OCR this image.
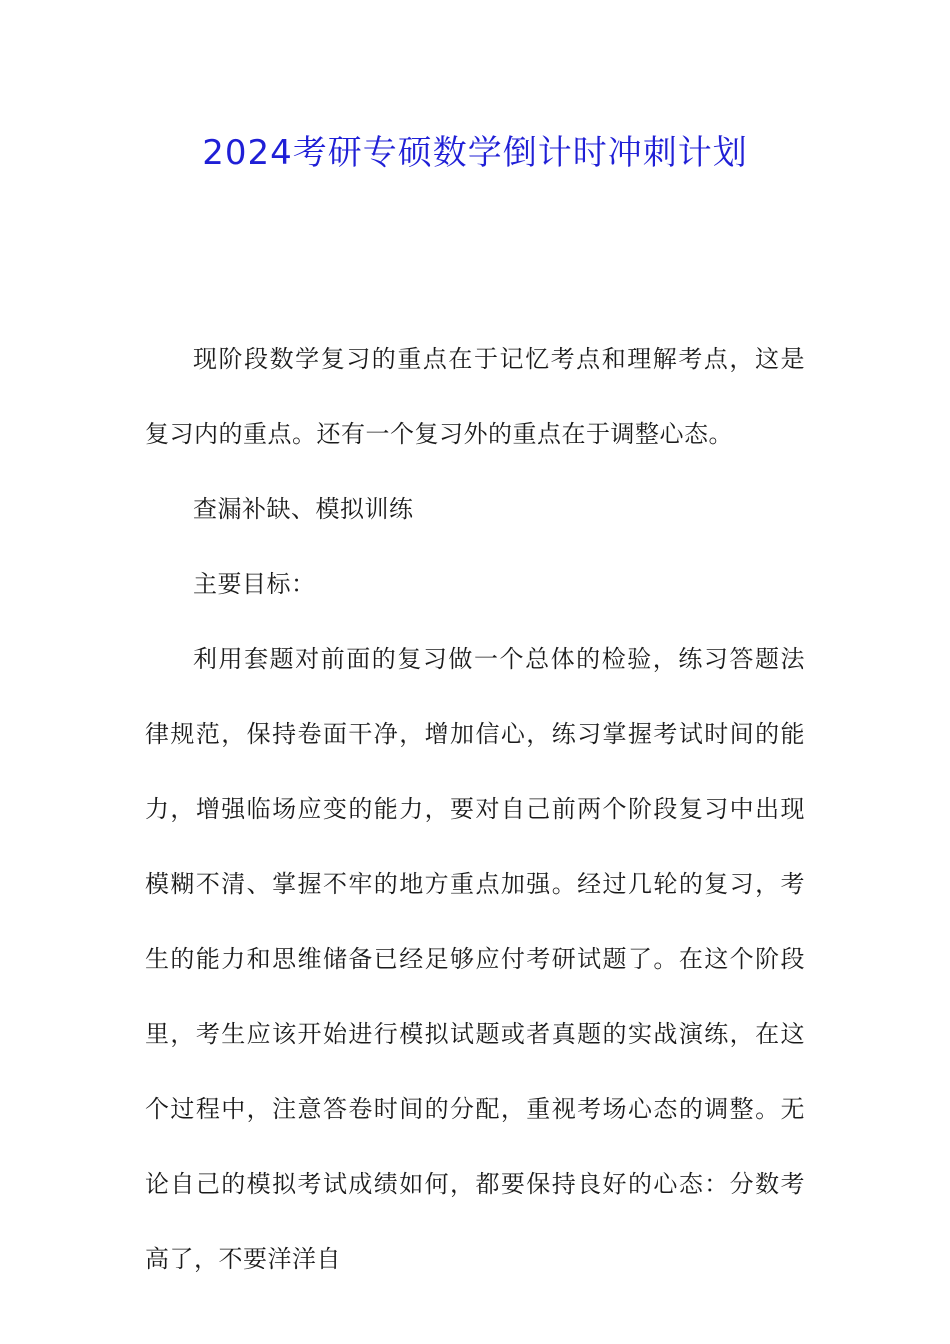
2024考研专硕数学倒计时冲刺计划

现阶段数学复习的重点在于记忆考点和理解考点，这是复习内的重点。还有一个复习外的重点在于调整心态。

查漏补缺、模拟训练

主要目标：

利用套题对前面的复习做一个总体的检验，练习答题法律规范，保持卷面干净，增加信心，练习掌握考试时间的能力，增强临场应变的能力，要对自己前两个阶段复习中出现模糊不清、掌握不牢的地方重点加强。经过几轮的复习，考生的能力和思维储备已经足够应付考研试题了。在这个阶段里，考生应该开始进行模拟试题或者真题的实战演练，在这个过程中，注意答卷时间的分配，重视考场心态的调整。无论自己的模拟考试成绩如何，都要保持良好的心态：分数考高了，不要洋洋自
